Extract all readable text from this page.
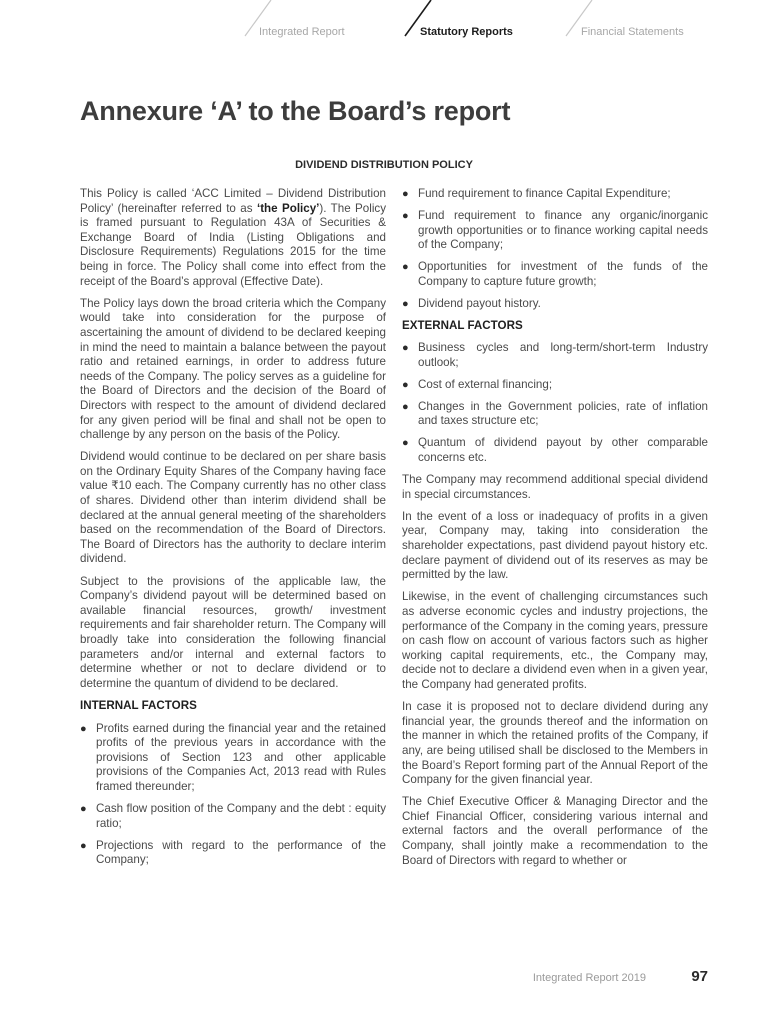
Integrated Report	Statutory Reports	Financial Statements
Annexure ‘A’ to the Board’s report
DIVIDEND DISTRIBUTION POLICY

This Policy is called ‘ACC Limited – Dividend Distribution Policy’ (hereinafter referred to as ‘the Policy’). The Policy is framed pursuant to Regulation 43A of Securities & Exchange Board of India (Listing Obligations and Disclosure Requirements) Regulations 2015 for the time being in force. The Policy shall come into effect from the receipt of the Board’s approval (Effective Date).

The Policy lays down the broad criteria which the Company would take into consideration for the purpose of ascertaining the amount of dividend to be declared keeping in mind the need to maintain a balance between the payout ratio and retained earnings, in order to address future needs of the Company. The policy serves as a guideline for the Board of Directors and the decision of the Board of Directors with respect to the amount of dividend declared for any given period will be final and shall not be open to challenge by any person on the basis of the Policy.

Dividend would continue to be declared on per share basis on the Ordinary Equity Shares of the Company having face value ₹10 each. The Company currently has no other class of shares. Dividend other than interim dividend shall be declared at the annual general meeting of the shareholders based on the recommendation of the Board of Directors. The Board of Directors has the authority to declare interim dividend.

Subject to the provisions of the applicable law, the Company’s dividend payout will be determined based on available financial resources, growth/ investment requirements and fair shareholder return. The Company will broadly take into consideration the following financial parameters and/or internal and external factors to determine whether or not to declare dividend or to determine the quantum of dividend to be declared.

INTERNAL FACTORS
● Profits earned during the financial year and the retained profits of the previous years in accordance with the provisions of Section 123 and other applicable provisions of the Companies Act, 2013 read with Rules framed thereunder;
● Cash flow position of the Company and the debt : equity ratio;
● Projections with regard to the performance of the Company;
● Fund requirement to finance Capital Expenditure;
● Fund requirement to finance any organic/inorganic growth opportunities or to finance working capital needs of the Company;
● Opportunities for investment of the funds of the Company to capture future growth;
● Dividend payout history.
EXTERNAL FACTORS
● Business cycles and long-term/short-term Industry outlook;
● Cost of external financing;
● Changes in the Government policies, rate of inflation and taxes structure etc;
● Quantum of dividend payout by other comparable concerns etc.

The Company may recommend additional special dividend in special circumstances.

In the event of a loss or inadequacy of profits in a given year, Company may, taking into consideration the shareholder expectations, past dividend payout history etc. declare payment of dividend out of its reserves as may be permitted by the law.

Likewise, in the event of challenging circumstances such as adverse economic cycles and industry projections, the performance of the Company in the coming years, pressure on cash flow on account of various factors such as higher working capital requirements, etc., the Company may, decide not to declare a dividend even when in a given year, the Company had generated profits.

In case it is proposed not to declare dividend during any financial year, the grounds thereof and the information on the manner in which the retained profits of the Company, if any, are being utilised shall be disclosed to the Members in the Board’s Report forming part of the Annual Report of the Company for the given financial year.

The Chief Executive Officer & Managing Director and the Chief Financial Officer, considering various internal and external factors and the overall performance of the Company, shall jointly make a recommendation to the Board of Directors with regard to whether or

Integrated Report 2019	97
